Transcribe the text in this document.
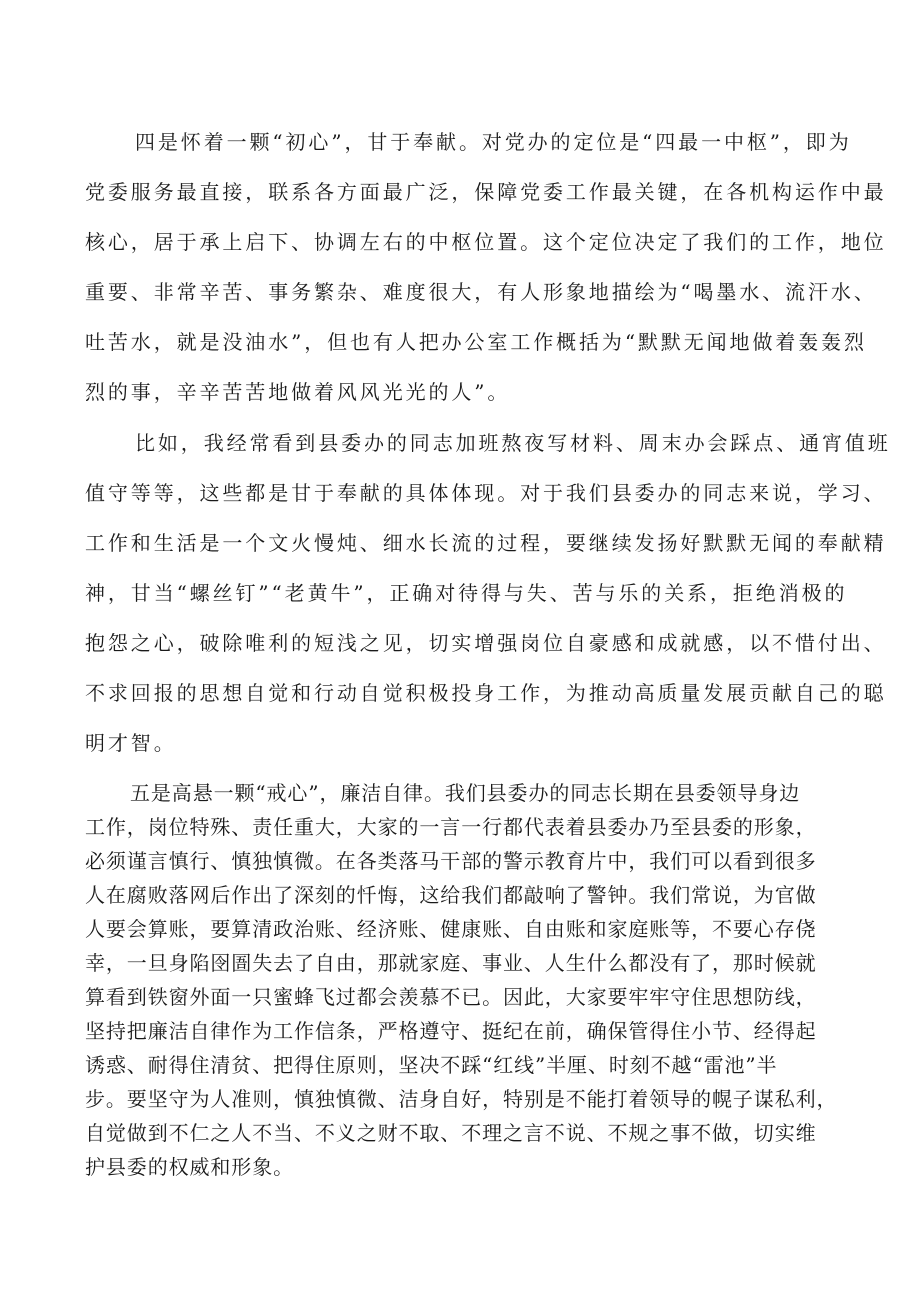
四是怀着一颗“初心”，甘于奉献。对党办的定位是“四最一中枢”，即为
党委服务最直接，联系各方面最广泛，保障党委工作最关键，在各机构运作中最
核心，居于承上启下、协调左右的中枢位置。这个定位决定了我们的工作，地位
重要、非常辛苦、事务繁杂、难度很大，有人形象地描绘为“喝墨水、流汗水、
吐苦水，就是没油水”，但也有人把办公室工作概括为“默默无闻地做着轰轰烈
烈的事，辛辛苦苦地做着风风光光的人”。
比如，我经常看到县委办的同志加班熬夜写材料、周末办会踩点、通宵值班
值守等等，这些都是甘于奉献的具体体现。对于我们县委办的同志来说，学习、
工作和生活是一个文火慢炖、细水长流的过程，要继续发扬好默默无闻的奉献精
神，甘当“螺丝钉”“老黄牛”，正确对待得与失、苦与乐的关系，拒绝消极的
抱怨之心，破除唯利的短浅之见，切实增强岗位自豪感和成就感，以不惜付出、
不求回报的思想自觉和行动自觉积极投身工作，为推动高质量发展贡献自己的聪
明才智。
五是高悬一颗“戒心”，廉洁自律。我们县委办的同志长期在县委领导身边
工作，岗位特殊、责任重大，大家的一言一行都代表着县委办乃至县委的形象，
必须谨言慎行、慎独慎微。在各类落马干部的警示教育片中，我们可以看到很多
人在腐败落网后作出了深刻的忏悔，这给我们都敲响了警钟。我们常说，为官做
人要会算账，要算清政治账、经济账、健康账、自由账和家庭账等，不要心存侥
幸，一旦身陷囹圄失去了自由，那就家庭、事业、人生什么都没有了，那时候就
算看到铁窗外面一只蜜蜂飞过都会羡慕不已。因此，大家要牢牢守住思想防线，
坚持把廉洁自律作为工作信条，严格遵守、挺纪在前，确保管得住小节、经得起
诱惑、耐得住清贫、把得住原则，坚决不踩“红线”半厘、时刻不越“雷池”半
步。要坚守为人准则，慎独慎微、洁身自好，特别是不能打着领导的幌子谋私利，
自觉做到不仁之人不当、不义之财不取、不理之言不说、不规之事不做，切实维
护县委的权威和形象。
